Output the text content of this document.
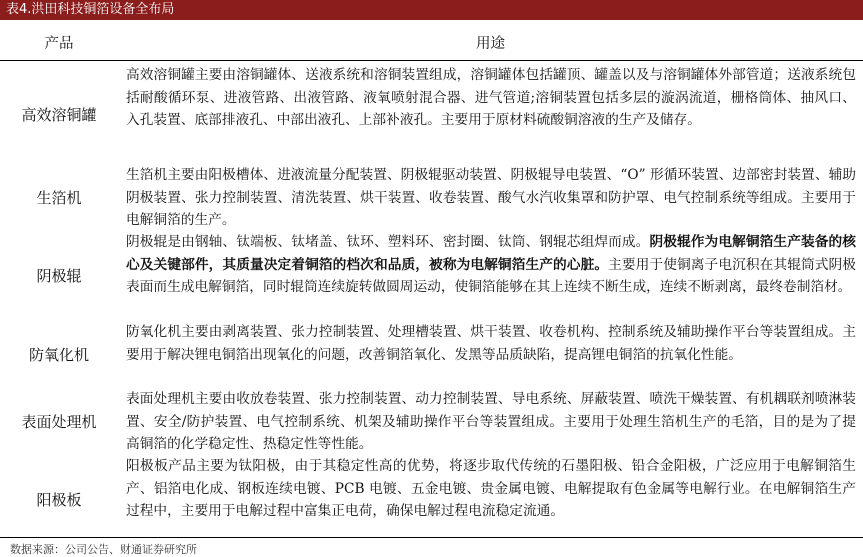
表4.洪田科技铜箔设备全布局
产品	用途
高效溶铜罐
高效溶铜罐主要由溶铜罐体、送液系统和溶铜装置组成，溶铜罐体包括罐顶、罐盖以及与溶铜罐体外部管道；送液系统包括耐酸循环泵、进液管路、出液管路、液氧喷射混合器、进气管道;溶铜装置包括多层的漩涡流道，栅格筒体、抽风口、入孔装置、底部排液孔、中部出液孔、上部补液孔。主要用于原材料硫酸铜溶液的生产及储存。
生箔机
生箔机主要由阳极槽体、进液流量分配装置、阴极辊驱动装置、阴极辊导电装置、“O” 形循环装置、边部密封装置、辅助阴极装置、张力控制装置、清洗装置、烘干装置、收卷装置、酸气水汽收集罩和防护罩、电气控制系统等组成。主要用于电解铜箔的生产。
阴极辊
阴极辊是由钢轴、钛端板、钛堵盖、钛环、塑料环、密封圈、钛筒、钢辊芯组焊而成。阴极辊作为电解铜箔生产装备的核心及关键部件，其质量决定着铜箔的档次和品质，被称为电解铜箔生产的心脏。主要用于使铜离子电沉积在其辊筒式阴极表面而生成电解铜箔，同时辊筒连续旋转做圆周运动，使铜箔能够在其上连续不断生成，连续不断剥离，最终卷制箔材。
防氧化机
防氧化机主要由剥离装置、张力控制装置、处理槽装置、烘干装置、收卷机构、控制系统及辅助操作平台等装置组成。主要用于解决锂电铜箔出现氧化的问题，改善铜箔氧化、发黑等品质缺陷，提高锂电铜箔的抗氧化性能。
表面处理机
表面处理机主要由收放卷装置、张力控制装置、动力控制装置、导电系统、屏蔽装置、喷洗干燥装置、有机耦联剂喷淋装置、安全/防护装置、电气控制系统、机架及辅助操作平台等装置组成。主要用于处理生箔机生产的毛箔，目的是为了提高铜箔的化学稳定性、热稳定性等性能。
阳极板
阳极板产品主要为钛阳极，由于其稳定性高的优势，将逐步取代传统的石墨阳极、铅合金阳极，广泛应用于电解铜箔生产、铝箔电化成、钢板连续电镀、PCB 电镀、五金电镀、贵金属电镀、电解提取有色金属等电解行业。在电解铜箔生产过程中，主要用于电解过程中富集正电荷，确保电解过程电流稳定流通。
数据来源：公司公告、财通证券研究所
